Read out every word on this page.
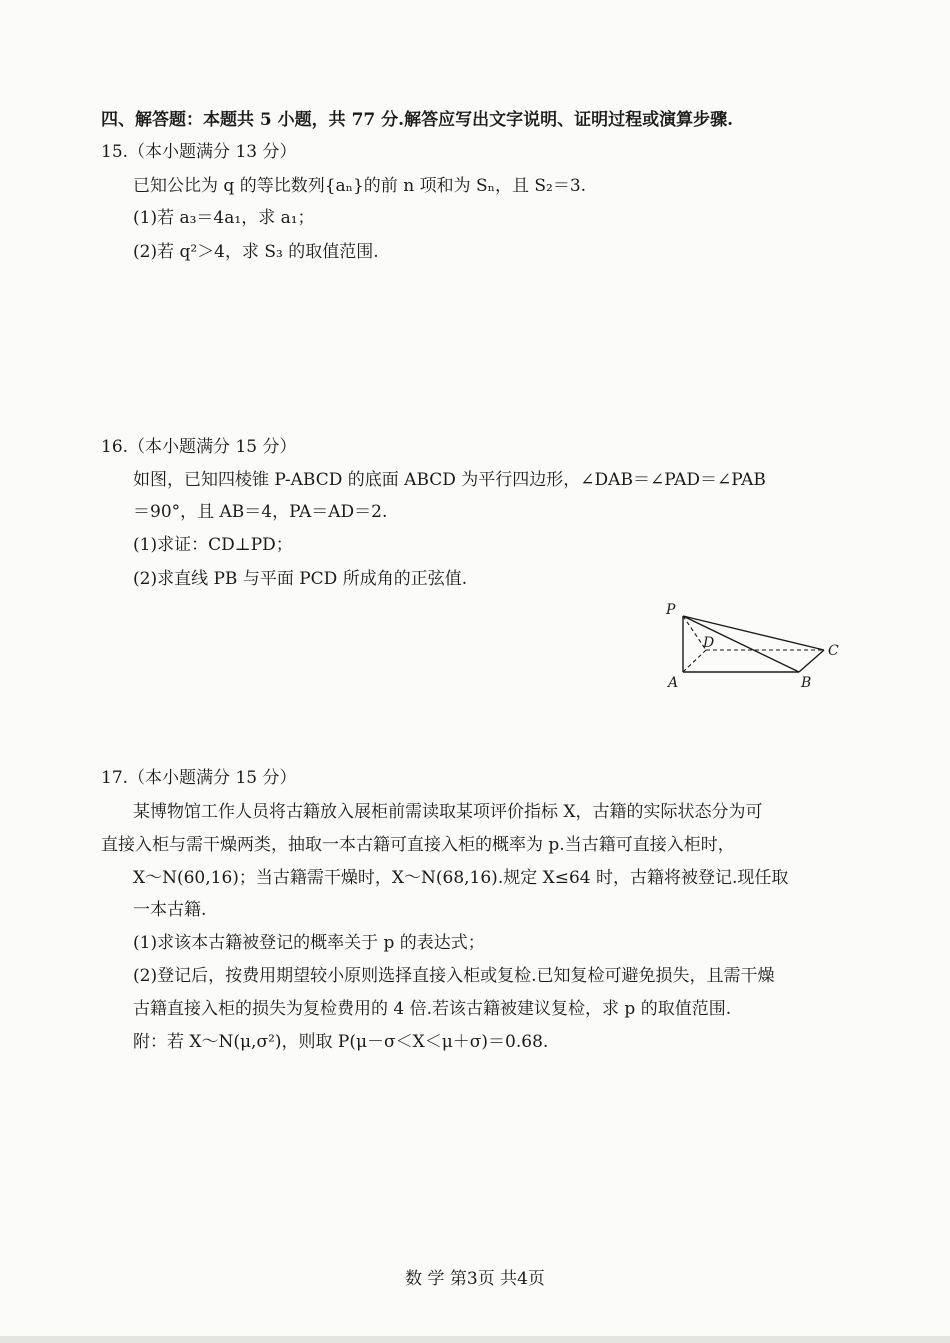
四、解答题：本题共 5 小题，共 77 分.解答应写出文字说明、证明过程或演算步骤.
15.（本小题满分 13 分）
已知公比为 q 的等比数列{aₙ}的前 n 项和为 Sₙ，且 S₂＝3.
(1)若 a₃＝4a₁，求 a₁；
(2)若 q²＞4，求 S₃ 的取值范围.
16.（本小题满分 15 分）
如图，已知四棱锥 P-ABCD 的底面 ABCD 为平行四边形，∠DAB＝∠PAD＝∠PAB
＝90°，且 AB＝4，PA＝AD＝2.
(1)求证：CD⊥PD；
(2)求直线 PB 与平面 PCD 所成角的正弦值.
P
D	C
A	B
17.（本小题满分 15 分）
某博物馆工作人员将古籍放入展柜前需读取某项评价指标 X，古籍的实际状态分为可
直接入柜与需干燥两类，抽取一本古籍可直接入柜的概率为 p.当古籍可直接入柜时，
X～N(60,16)；当古籍需干燥时，X～N(68,16).规定 X≤64 时，古籍将被登记.现任取
一本古籍.
(1)求该本古籍被登记的概率关于 p 的表达式；
(2)登记后，按费用期望较小原则选择直接入柜或复检.已知复检可避免损失，且需干燥
古籍直接入柜的损失为复检费用的 4 倍.若该古籍被建议复检，求 p 的取值范围.
附：若 X～N(μ,σ²)，则取 P(μ－σ＜X＜μ＋σ)＝0.68.
数 学 第3页 共4页
